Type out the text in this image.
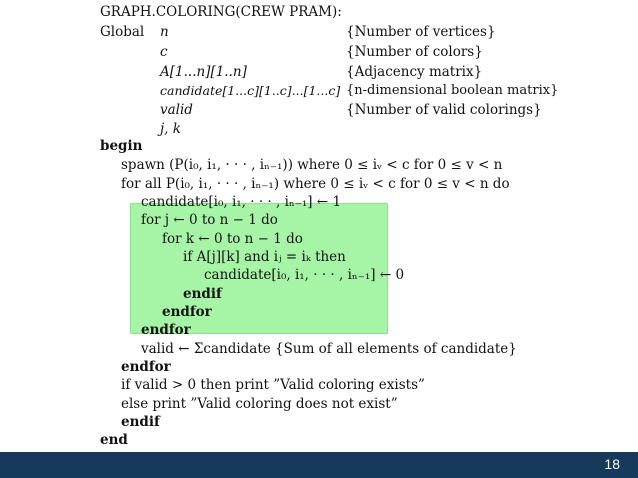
GRAPH.COLORING(CREW PRAM):
Global n	{Number of vertices}
c	{Number of colors}
A[1...n][1..n]	{Adjacency matrix}
candidate[1...c][1..c]...[1...c] {n-dimensional boolean matrix}
valid	{Number of valid colorings}
j, k
begin
spawn (P(i₀, i₁, · · · , iₙ₋₁)) where 0 ≤ iᵥ < c for 0 ≤ v < n
for all P(i₀, i₁, · · · , iₙ₋₁) where 0 ≤ iᵥ < c for 0 ≤ v < n do
candidate[i₀, i₁, · · · , iₙ₋₁] ← 1
for j ← 0 to n − 1 do
for k ← 0 to n − 1 do
if A[j][k] and iⱼ = iₖ then
candidate[i₀, i₁, · · · , iₙ₋₁] ← 0
endif
endfor
endfor
valid ← Σcandidate {Sum of all elements of candidate}
endfor
if valid > 0 then print ”Valid coloring exists”
else print ”Valid coloring does not exist”
endif
end
18
